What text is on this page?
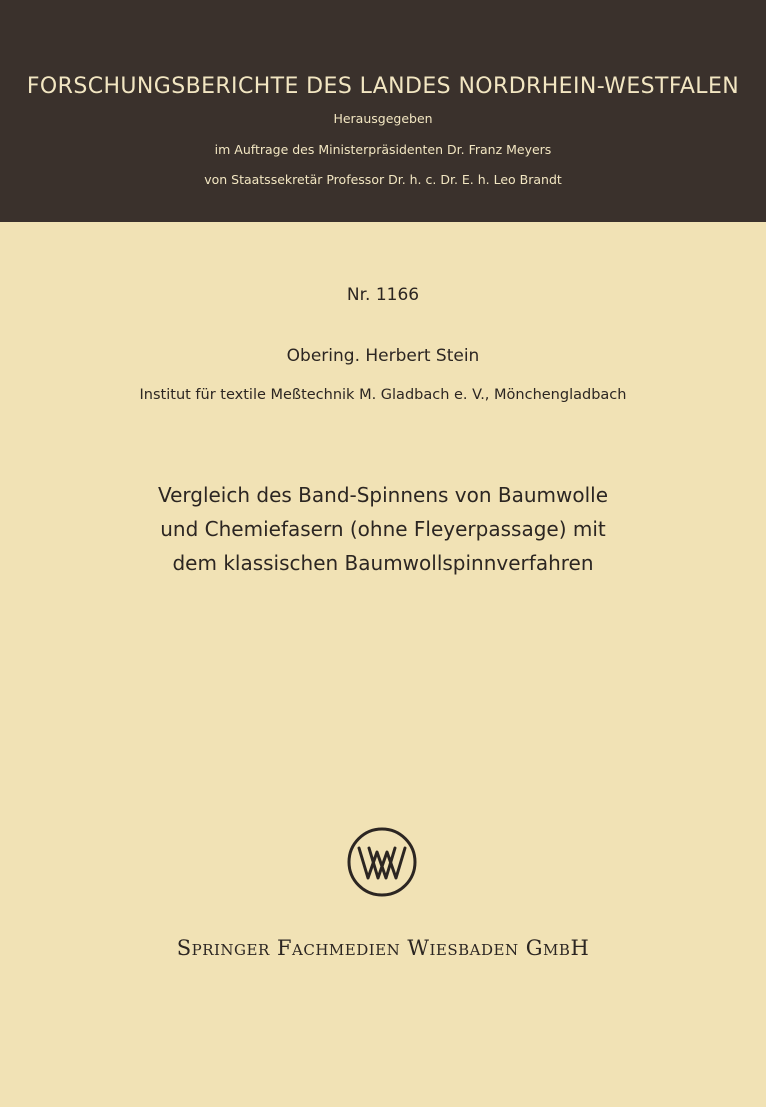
FORSCHUNGSBERICHTE DES LANDES NORDRHEIN-WESTFALEN
Herausgegeben
im Auftrage des Ministerpräsidenten Dr. Franz Meyers
von Staatssekretär Professor Dr. h. c. Dr. E. h. Leo Brandt
Nr. 1166
Obering. Herbert Stein
Institut für textile Meßtechnik M. Gladbach e. V., Mönchengladbach
Vergleich des Band-Spinnens von Baumwolle
und Chemiefasern (ohne Fleyerpassage) mit
dem klassischen Baumwollspinnverfahren
Springer Fachmedien Wiesbaden GmbH
